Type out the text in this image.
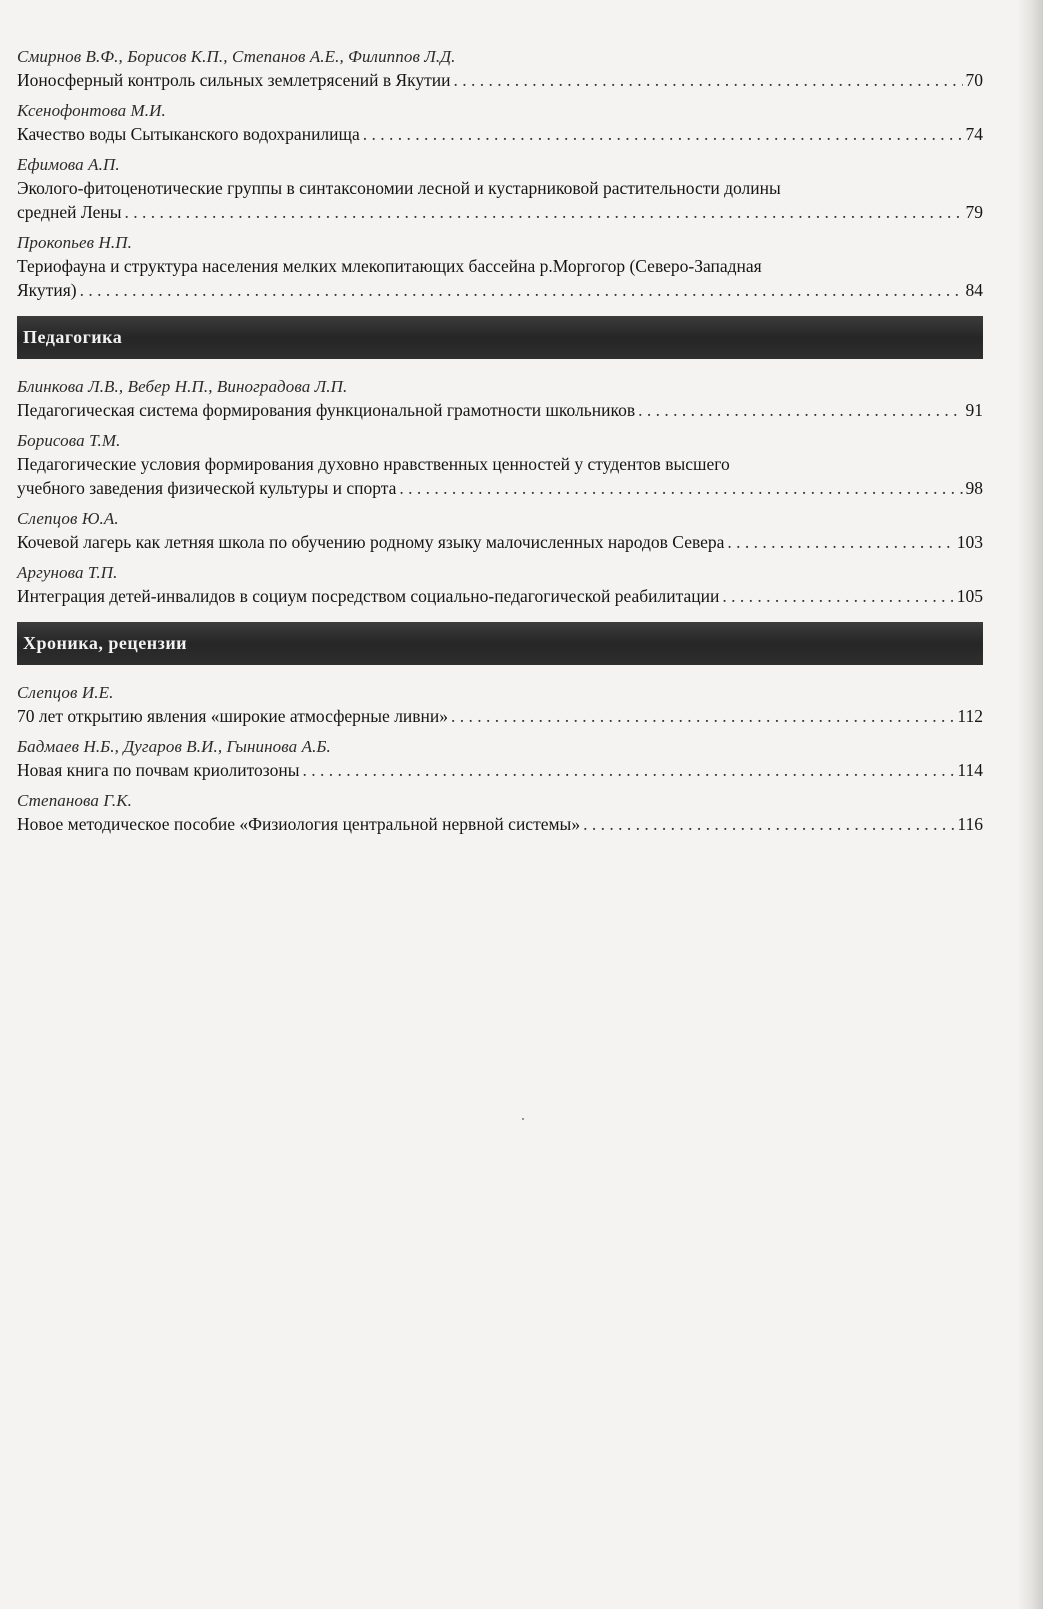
Смирнов В.Ф., Борисов К.П., Степанов А.Е., Филиппов Л.Д.
Ионосферный контроль сильных землетрясений в Якутии . . .	70
Ксенофонтова М.И.
Качество воды Сытыканского водохранилища . . .	74
Ефимова А.П.
Эколого-фитоценотические группы в синтаксономии лесной и кустарниковой растительности долины
средней Лены . . .	79
Прокопьев Н.П.
Териофауна и структура населения мелких млекопитающих бассейна р.Моргогор (Северо-Западная
Якутия) . . .	84
Педагогика
Блинкова Л.В., Вебер Н.П., Виноградова Л.П.
Педагогическая система формирования функциональной грамотности школьников . . .	91
Борисова Т.М.
Педагогические условия формирования духовно нравственных ценностей у студентов высшего
учебного заведения физической культуры и спорта . . .	98
Слепцов Ю.А.
Кочевой лагерь как летняя школа по обучению родному языку малочисленных народов Севера . . .	103
Аргунова Т.П.
Интеграция детей-инвалидов в социум посредством социально-педагогической реабилитации . . .	105
Хроника, рецензии
Слепцов И.Е.
70 лет открытию явления «широкие атмосферные ливни» . . .	112
Бадмаев Н.Б., Дугаров В.И., Гынинова А.Б.
Новая книга по почвам криолитозоны . . .	114
Степанова Г.К.
Новое методическое пособие «Физиология центральной нервной системы» . . .	116
